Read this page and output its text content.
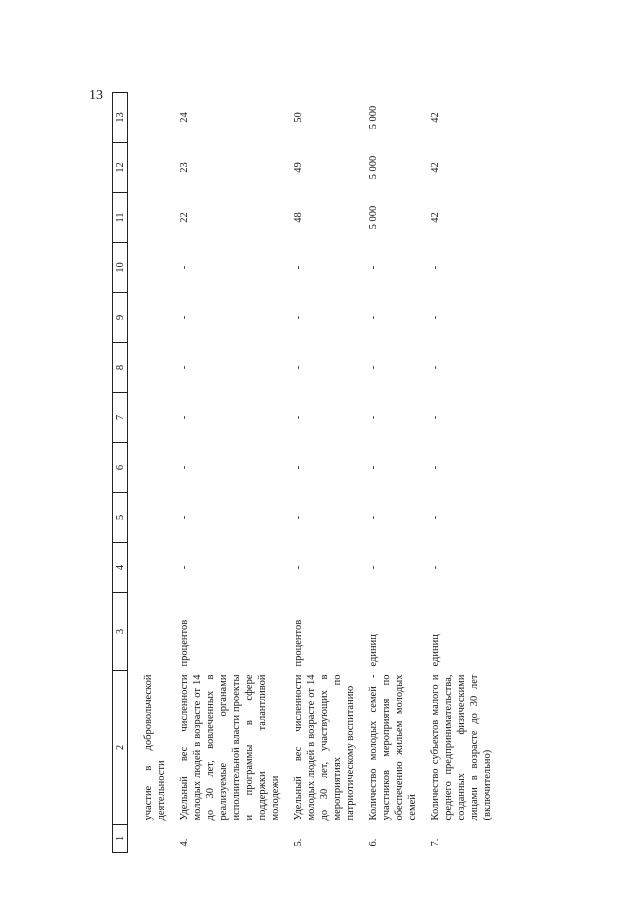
13
1	2	3	4	5	6	7	8	9	10	11	12	13
	участие в добровольческой деятельности											
4.	Удельный вес численности молодых людей в возрасте от 14 до 30 лет, вовлеченных в реализуемые органами исполнительной власти проекты и программы в сфере поддержки талантливой молодежи	процентов	-	-	-	-	-	-	-	22	23	24
5.	Удельный вес численности молодых людей в возрасте от 14 до 30 лет, участвующих в мероприятиях по патриотическому воспитанию	процентов	-	-	-	-	-	-	-	48	49	50
6.	Количество молодых семей - участников мероприятия по обеспечению жильем молодых семей	единиц	-	-	-	-	-	-	-	5 000	5 000	5 000
7.	Количество субъектов малого и среднего предпринимательства, созданных физическими лицами в возрасте до 30 лет (включительно)	единиц	-	-	-	-	-	-	-	42	42	42
